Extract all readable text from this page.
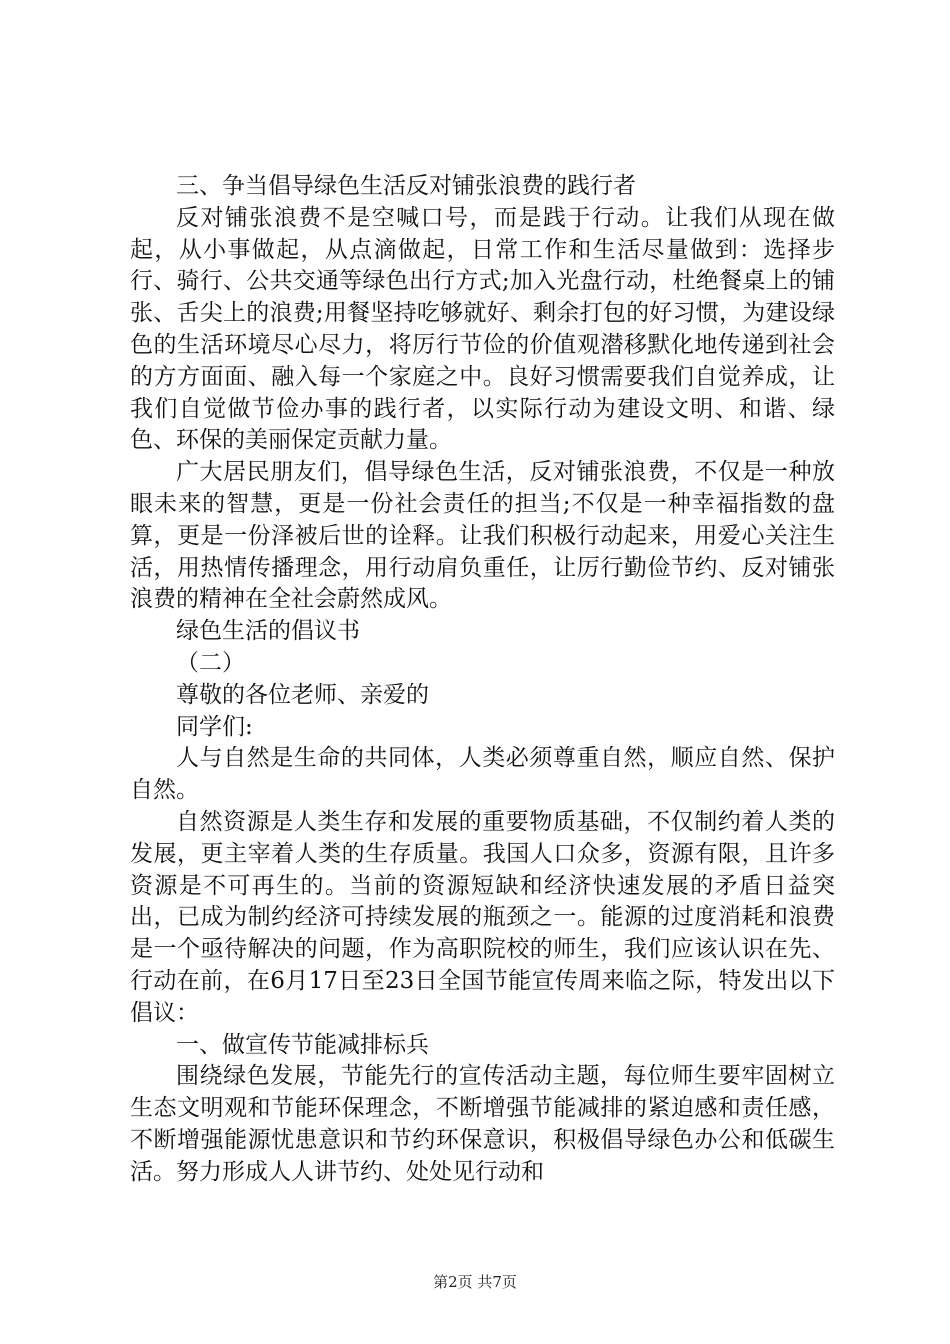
三、争当倡导绿色生活反对铺张浪费的践行者

反对铺张浪费不是空喊口号，而是践于行动。让我们从现在做起，从小事做起，从点滴做起，日常工作和生活尽量做到：选择步行、骑行、公共交通等绿色出行方式;加入光盘行动，杜绝餐桌上的铺张、舌尖上的浪费;用餐坚持吃够就好、剩余打包的好习惯，为建设绿色的生活环境尽心尽力，将厉行节俭的价值观潜移默化地传递到社会的方方面面、融入每一个家庭之中。良好习惯需要我们自觉养成，让我们自觉做节俭办事的践行者，以实际行动为建设文明、和谐、绿色、环保的美丽保定贡献力量。

广大居民朋友们，倡导绿色生活，反对铺张浪费，不仅是一种放眼未来的智慧，更是一份社会责任的担当;不仅是一种幸福指数的盘算，更是一份泽被后世的诠释。让我们积极行动起来，用爱心关注生活，用热情传播理念，用行动肩负重任，让厉行勤俭节约、反对铺张浪费的精神在全社会蔚然成风。

绿色生活的倡议书

（二）

尊敬的各位老师、亲爱的

同学们:

人与自然是生命的共同体，人类必须尊重自然，顺应自然、保护自然。

自然资源是人类生存和发展的重要物质基础，不仅制约着人类的发展，更主宰着人类的生存质量。我国人口众多，资源有限，且许多资源是不可再生的。当前的资源短缺和经济快速发展的矛盾日益突出，已成为制约经济可持续发展的瓶颈之一。能源的过度消耗和浪费是一个亟待解决的问题，作为高职院校的师生，我们应该认识在先、行动在前，在6月17日至23日全国节能宣传周来临之际，特发出以下倡议：

一、做宣传节能减排标兵

围绕绿色发展，节能先行的宣传活动主题，每位师生要牢固树立生态文明观和节能环保理念，不断增强节能减排的紧迫感和责任感，不断增强能源忧患意识和节约环保意识，积极倡导绿色办公和低碳生活。努力形成人人讲节约、处处见行动和

第2页 共7页
